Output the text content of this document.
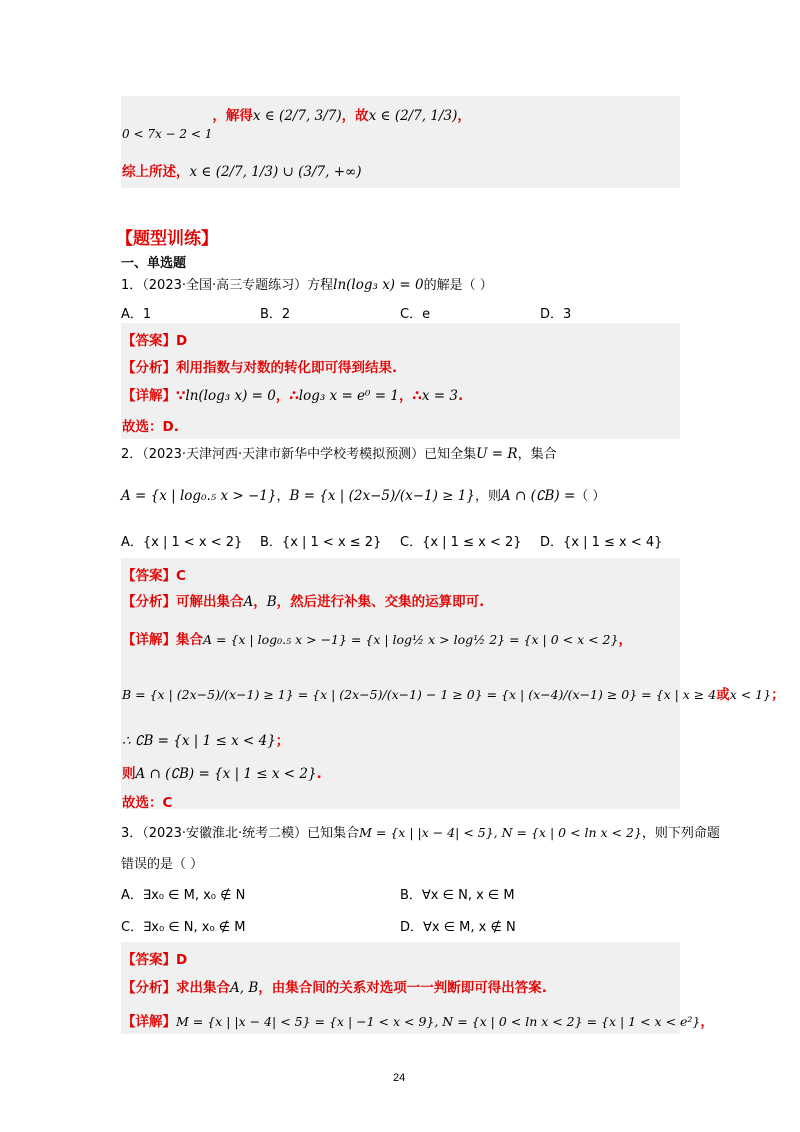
$_{0 < 7x - 2 < 1}$，解得x ∈ (2/7, 3/7)，故x ∈ (2/7, 1/3)，
综上所述，x ∈ (2/7, 1/3) ∪ (3/7, +∞)
【题型训练】
一、单选题
1．（2023·全国·高三专题练习）方程ln(log₃ x) = 0的解是（ ）
A．1	B．2	C．e	D．3
【答案】D
【分析】利用指数与对数的转化即可得到结果.
【详解】∵ln(log₃ x) = 0，∴log₃ x = e⁰ = 1，∴x = 3.
故选：D.
2．（2023·天津河西·天津市新华中学校考模拟预测）已知全集U = R，集合
A = {x | log₀.₅ x > −1}，B = {x | (2x−5)/(x−1) ≥ 1}，则A ∩ (∁B) =（ ）
A．{x | 1 < x < 2} B．{x | 1 < x ≤ 2} C．{x | 1 ≤ x < 2} D．{x | 1 ≤ x < 4}
【答案】C
【分析】可解出集合A，B，然后进行补集、交集的运算即可.
【详解】集合A = {x | log₀.₅ x > −1} = {x | log½ x > log½ 2} = {x | 0 < x < 2}，
B = {x | (2x−5)/(x−1) ≥ 1} = {x | (2x−5)/(x−1) − 1 ≥ 0} = {x | (x−4)/(x−1) ≥ 0} = {x | x ≥ 4或x < 1}；
∴ ∁B = {x | 1 ≤ x < 4}；
则A ∩ (∁B) = {x | 1 ≤ x < 2}.
故选：C
3．（2023·安徽淮北·统考二模）已知集合M = {x | |x − 4| < 5}, N = {x | 0 < ln x < 2}，则下列命题
错误的是（ ）
A．∃x₀ ∈ M, x₀ ∉ N	B．∀x ∈ N, x ∈ M
C．∃x₀ ∈ N, x₀ ∉ M	D．∀x ∈ M, x ∉ N
【答案】D
【分析】求出集合A, B，由集合间的关系对选项一一判断即可得出答案.
【详解】M = {x | |x − 4| < 5} = {x | −1 < x < 9}, N = {x | 0 < ln x < 2} = {x | 1 < x < e²}，
24
